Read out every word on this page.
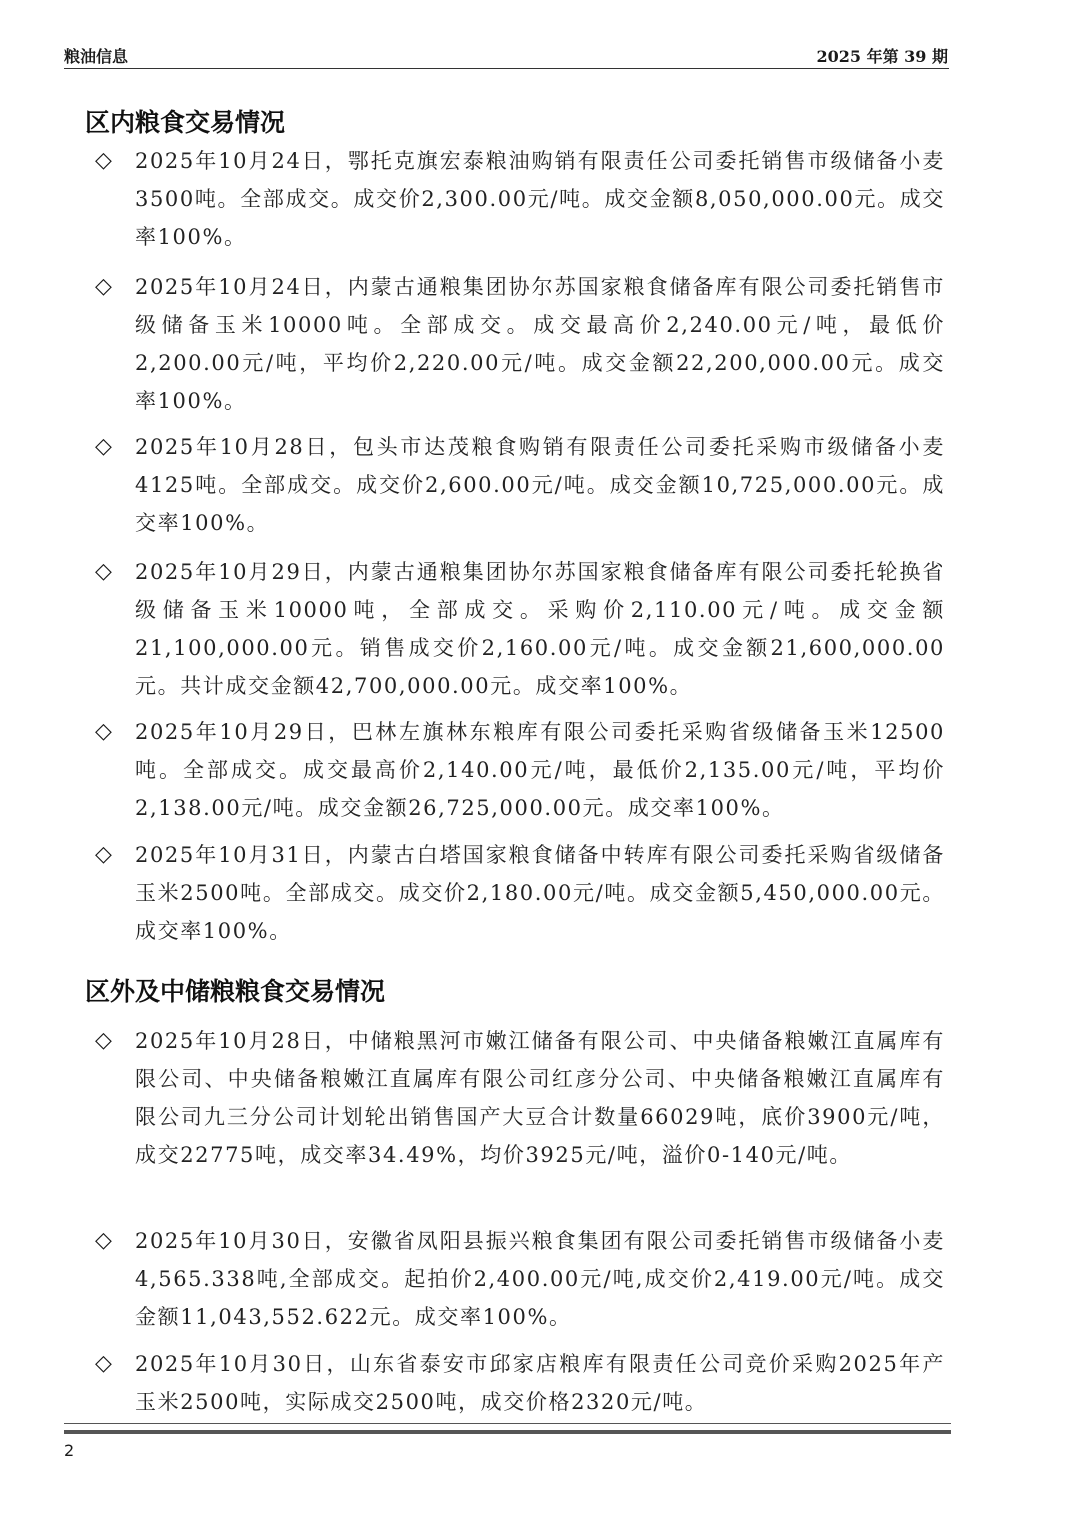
粮油信息	2025 年第 39 期
区内粮食交易情况
◇ 2025年10月24日，鄂托克旗宏泰粮油购销有限责任公司委托销售市级储备小麦3500吨。全部成交。成交价2,300.00元/吨。成交金额8,050,000.00元。成交率100%。
◇ 2025年10月24日，内蒙古通粮集团协尔苏国家粮食储备库有限公司委托销售市级储备玉米10000吨。全部成交。成交最高价2,240.00元/吨，最低价2,200.00元/吨，平均价2,220.00元/吨。成交金额22,200,000.00元。成交率100%。
◇ 2025年10月28日，包头市达茂粮食购销有限责任公司委托采购市级储备小麦4125吨。全部成交。成交价2,600.00元/吨。成交金额10,725,000.00元。成交率100%。
◇ 2025年10月29日，内蒙古通粮集团协尔苏国家粮食储备库有限公司委托轮换省级储备玉米10000吨，全部成交。采购价2,110.00元/吨。成交金额21,100,000.00元。销售成交价2,160.00元/吨。成交金额21,600,000.00元。共计成交金额42,700,000.00元。成交率100%。
◇ 2025年10月29日，巴林左旗林东粮库有限公司委托采购省级储备玉米12500吨。全部成交。成交最高价2,140.00元/吨，最低价2,135.00元/吨，平均价2,138.00元/吨。成交金额26,725,000.00元。成交率100%。
◇ 2025年10月31日，内蒙古白塔国家粮食储备中转库有限公司委托采购省级储备玉米2500吨。全部成交。成交价2,180.00元/吨。成交金额5,450,000.00元。成交率100%。
区外及中储粮粮食交易情况
◇ 2025年10月28日，中储粮黑河市嫩江储备有限公司、中央储备粮嫩江直属库有限公司、中央储备粮嫩江直属库有限公司红彦分公司、中央储备粮嫩江直属库有限公司九三分公司计划轮出销售国产大豆合计数量66029吨，底价3900元/吨，成交22775吨，成交率34.49%，均价3925元/吨，溢价0-140元/吨。
◇ 2025年10月30日，安徽省凤阳县振兴粮食集团有限公司委托销售市级储备小麦4,565.338吨,全部成交。起拍价2,400.00元/吨,成交价2,419.00元/吨。成交金额11,043,552.622元。成交率100%。
◇ 2025年10月30日，山东省泰安市邱家店粮库有限责任公司竞价采购2025年产玉米2500吨，实际成交2500吨，成交价格2320元/吨。
2
